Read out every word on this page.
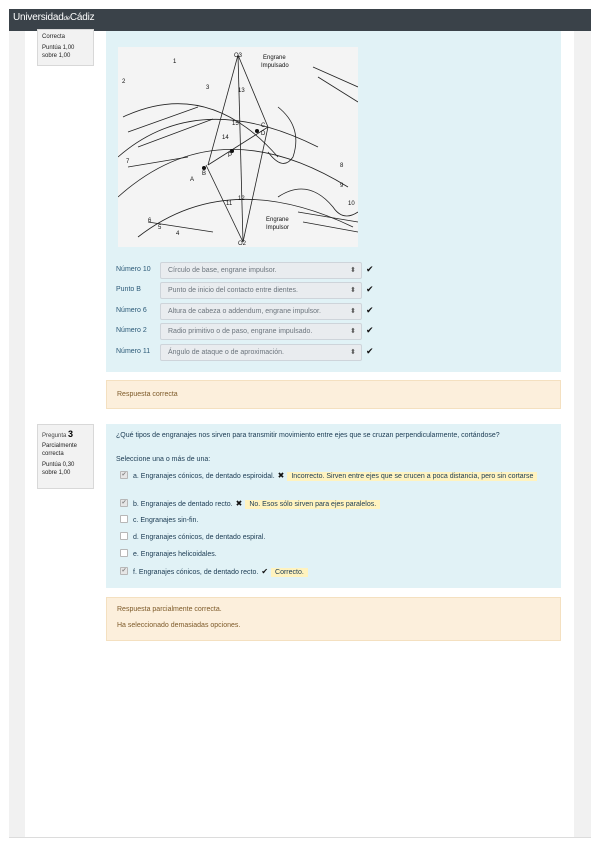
UniversidaddeCádiz
Correcta
Puntúa 1,00 sobre 1,00	O3	Engrane
Impulsado
1
2
3	13
15	C
D
14
P
7
A
B
8
9
10
11
12
6
5
4
Engrane
Impulsor
O2
Número 10 Círculo de base, engrane impulsor.	⬍ ✔
Punto B	Punto de inicio del contacto entre dientes.	⬍ ✔
Número 6	Altura de cabeza o addendum, engrane impulsor.	⬍ ✔
Número 2	Radio primitivo o de paso, engrane impulsado.	⬍ ✔
Número 11	Ángulo de ataque o de aproximación.	⬍ ✔
Respuesta correcta
Pregunta 3
Parcialmente correcta
Puntúa 0,30 sobre 1,00
¿Qué tipos de engranajes nos sirven para transmitir movimiento entre ejes que se cruzan perpendicularmente, cortándose?
Seleccione una o más de una:
✔ a. Engranajes cónicos, de dentado espiroidal. ✖ Incorrecto. Sirven entre ejes que se crucen a poca distancia, pero sin cortarse
✔ b. Engranajes de dentado recto. ✖ No. Esos sólo sirven para ejes paralelos.
c. Engranajes sin-fin.
d. Engranajes cónicos, de dentado espiral.
e. Engranajes helicoidales.
✔ f. Engranajes cónicos, de dentado recto. ✔ Correcto.
Respuesta parcialmente correcta.
Ha seleccionado demasiadas opciones.
